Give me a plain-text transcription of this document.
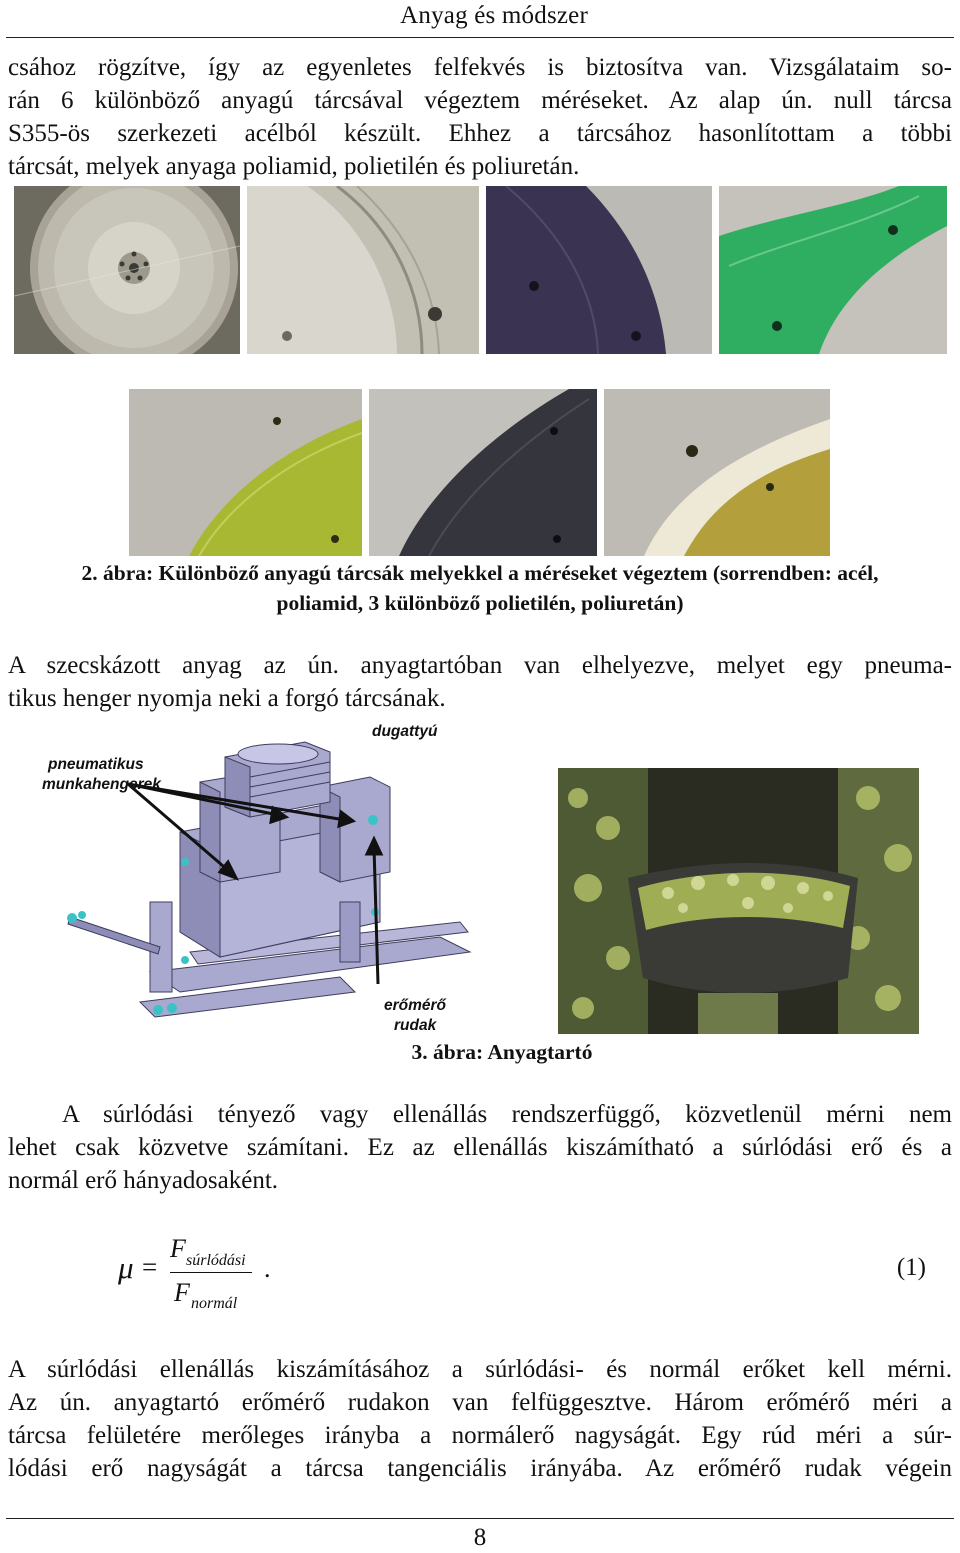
Anyag és módszer
csához rögzítve, így az egyenletes felfekvés is biztosítva van. Vizsgálataim so-
rán 6 különböző anyagú tárcsával végeztem méréseket. Az alap ún. null tárcsa
S355-ös szerkezeti acélból készült. Ehhez a tárcsához hasonlítottam a többi
tárcsát, melyek anyaga poliamid, polietilén és poliuretán.
2. ábra: Különböző anyagú tárcsák melyekkel a méréseket végeztem (sorrendben: acél,
poliamid, 3 különböző polietilén, poliuretán)
A szecskázott anyag az ún. anyagtartóban van elhelyezve, melyet egy pneuma-
tikus henger nyomja neki a forgó tárcsának.
dugattyú
pneumatikus
munkahengerek
erőmérő
rudak
3. ábra: Anyagtartó
A súrlódási tényező vagy ellenállás rendszerfüggő, közvetlenül mérni nem
lehet csak közvetve számítani. Ez az ellenállás kiszámítható a súrlódási erő és a
normál erő hányadosaként.
μ =
F súrlódási
F normál
.	(1)
A súrlódási ellenállás kiszámításához a súrlódási- és normál erőket kell mérni.
Az ún. anyagtartó erőmérő rudakon van felfüggesztve. Három erőmérő méri a
tárcsa felületére merőleges irányba a normálerő nagyságát. Egy rúd méri a súr-
lódási erő nagyságát a tárcsa tangenciális irányába. Az erőmérő rudak végein
8
